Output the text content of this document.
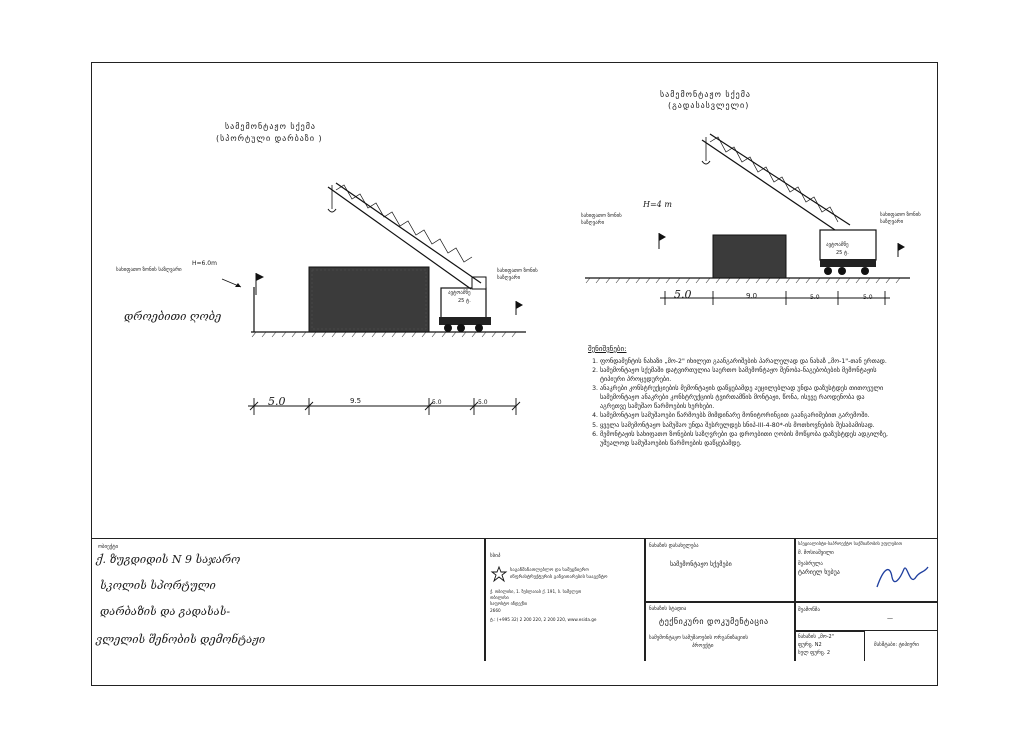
სამემონტაჟო სქემა
(სპორტული დარბაზი )
H=6.0m
სახიფათო ზონის საზღვარი	სახიფათო ზონის საზღვარი
ავტოამწე
25 ტ.
დროებითი ღობე
5.0	9.5	5.0	5.0
სამემონტაჟო სქემა
(გადასასვლელი)
H=4 m
სახიფათო ზონის საზღვარი
სახიფათო ზონის საზღვარი
ავტოამწე
25 ტ.
5.0	9.0	5.0	5.0
შენიშვნები:
1. ფონდამენტის ნახაზი „მო-2" იხილეთ გაანგარიშების პარალელად და ნახაზ „მო-1"-თან ერთად.
2. სამემონტაჟო სქემაში დატვირთულია საერთო სამემონტაჟო შენობა-ნაგებობების მემონტაჟის ტიპიური პროცედურები.
3. ანაკრები კონსტრუქციების მემონტაჟის დაწყებამდე აუცილებლად უნდა დაზუსტდეს თითოეული სამემონტაჟო ანაკრები კონსტრუქციის ტვირთამწის მონტაჟი, წონა, ისევე რაოდენობა და აგრეთვე სამუშაო წარმოების ხერხები.
4. სამემონტაჟო სამუშაოები წარმოებს მიმდინარე მონიტორინგით გაანგარიშებით გარემოში.
5. ყველა სამემონტაჟო სამუშაო უნდა შესრულდეს სნიპ-III-4-80*-ის მოთხოვნების შესაბამისად.
6. მემონტაჟის სახიფათო ზონების საზღვრები და დროებითი ღობის მოწყობა დაზუსტდეს ადგილზე, უშუალოდ სამუშაოების წარმოების დაწყებამდე.
ობიექტი
ქ. ზუგდიდის N 9 საჯარო
სკოლის სპორტული
დარბაზის და გადასას-
ვლელის შენობის დემონტაჟი
სსიპ
საგანმანათლებლო და სამეცნიერო
ინფრასტრუქტურის განვითარების სააგენტო
ქ. თბილისი, 1. ზუბლაიას ქ. 191, ბ. სამელეთ
თბილისი
საფოსტო ინდექსი
2660
ტ.: (+995 32) 2 200 220, 2 200 220, www.esida.ge
ნახაზის დასახელება
სამემონტაჟო სქემები
ნახაზის სტადია
ტექნიკური დოკუმენტაცია
სამემონტაჟო სამუშაოების ორგანიზაციის
პროექტი
სპეციალისტი-საპროექტო საქმიანობის უფლებით
მ. მოსიაშვილი
შეასრულა
ტარიელ ხუბუა
შეამოწმა
—
ნახაზის „მო-2"
ფურც. N2
სულ ფურც. 2
მასშტაბი: ტიპიური
